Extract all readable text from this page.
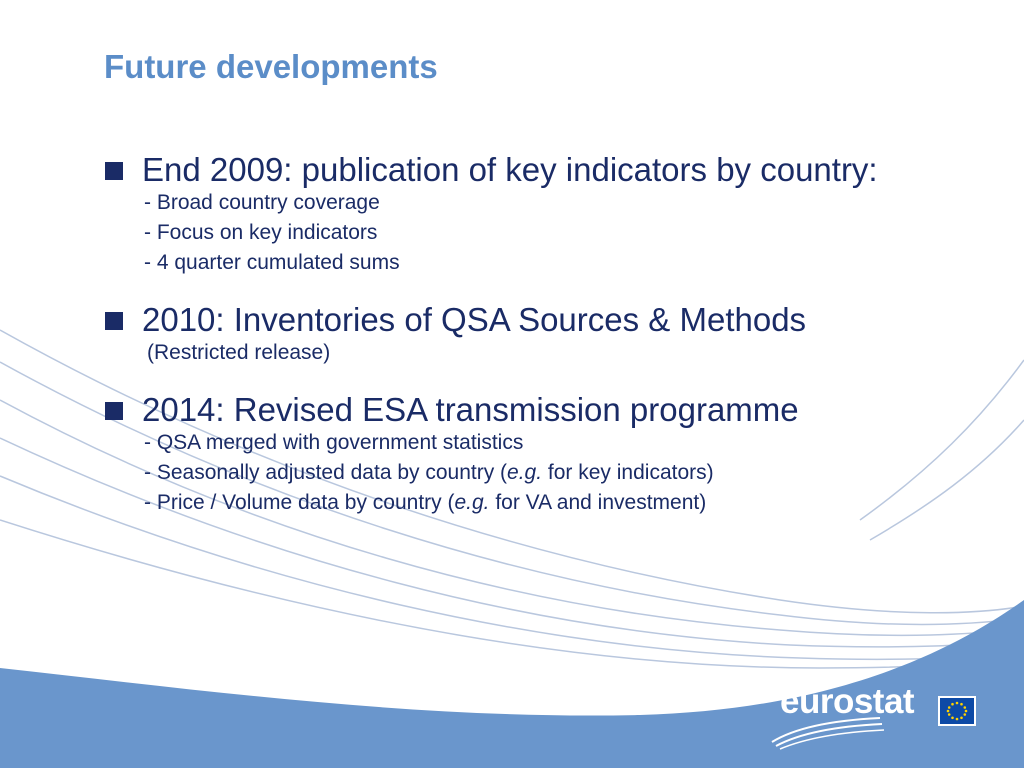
Future developments
End 2009: publication of key indicators by country:
- Broad country coverage
- Focus on key indicators
- 4 quarter cumulated sums
2010: Inventories of QSA Sources & Methods
(Restricted release)
2014: Revised ESA transmission programme
- QSA merged with government statistics
- Seasonally adjusted data by country (e.g. for key indicators)
- Price / Volume data by country (e.g. for VA and investment)
eurostat
